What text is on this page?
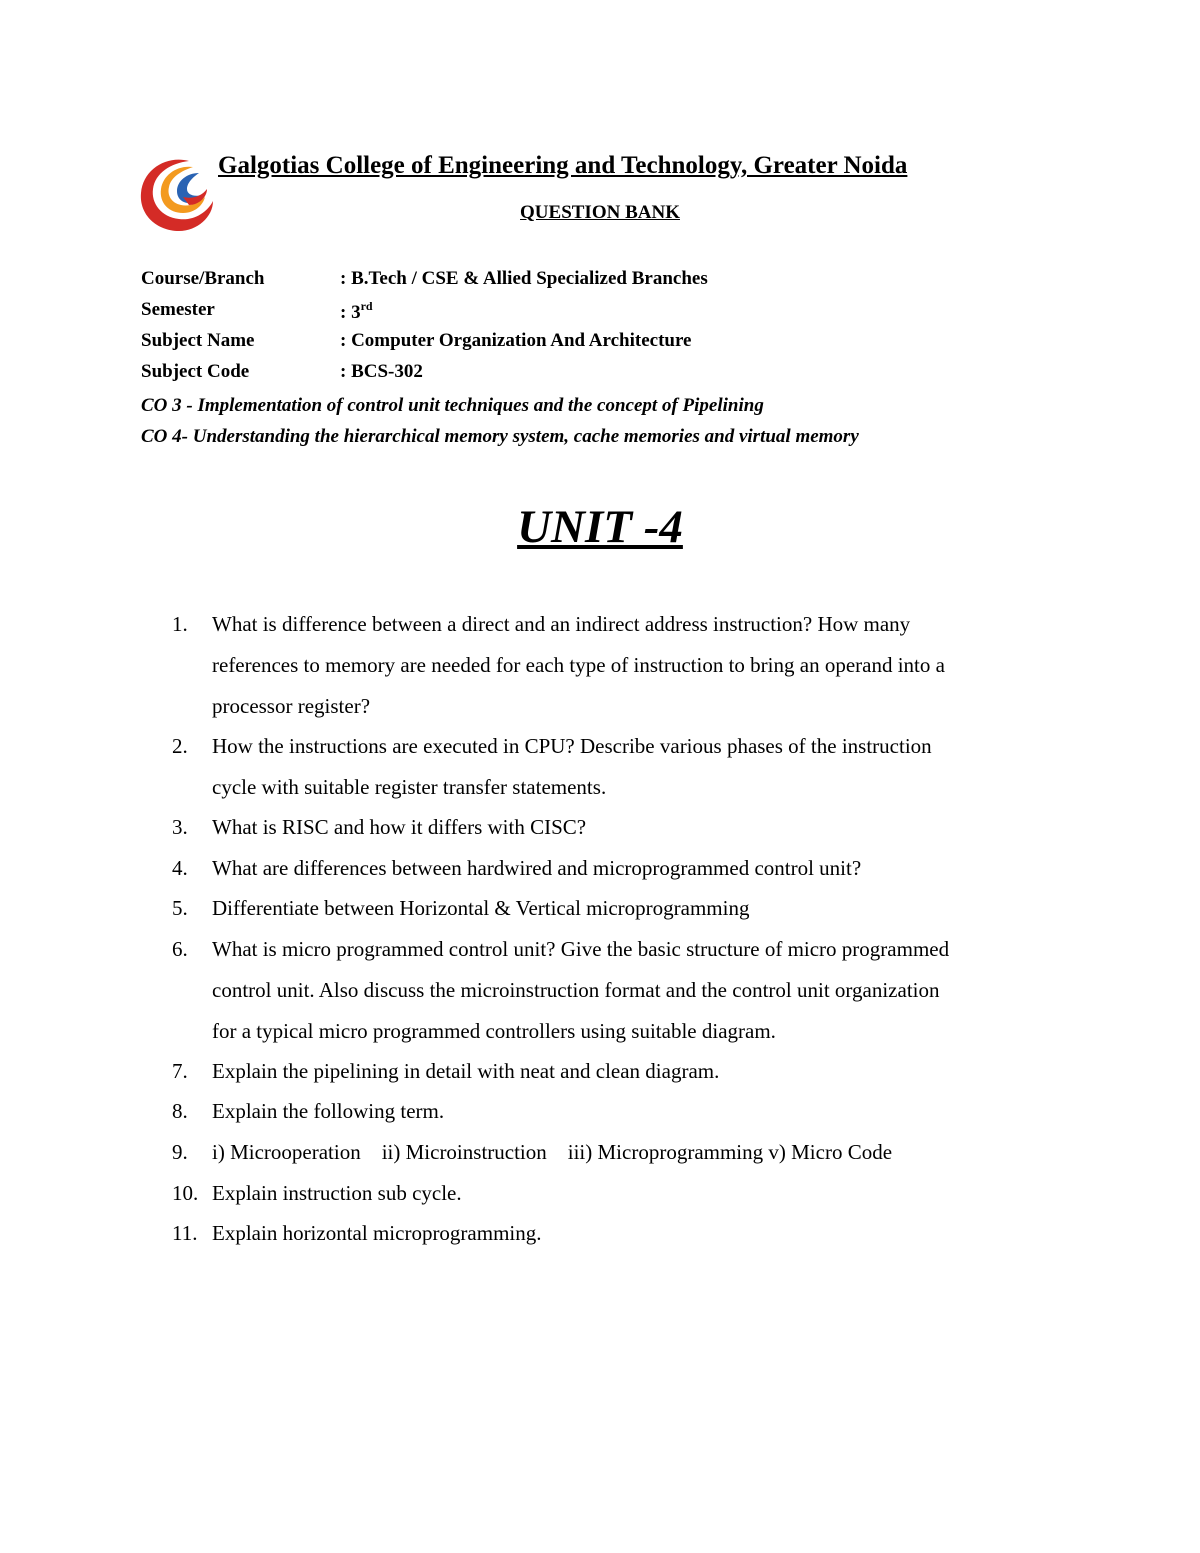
Galgotias College of Engineering and Technology, Greater Noida
QUESTION BANK
Course/Branch	: B.Tech / CSE & Allied Specialized Branches
Semester	: 3rd
Subject Name	: Computer Organization And Architecture
Subject Code	: BCS-302
CO 3 - Implementation of control unit techniques and the concept of Pipelining
CO 4- Understanding the hierarchical memory system, cache memories and virtual memory
UNIT -4
1. What is difference between a direct and an indirect address instruction? How many
references to memory are needed for each type of instruction to bring an operand into a
processor register?
2. How the instructions are executed in CPU? Describe various phases of the instruction
cycle with suitable register transfer statements.
3. What is RISC and how it differs with CISC?
4. What are differences between hardwired and microprogrammed control unit?
5. Differentiate between Horizontal & Vertical microprogramming
6. What is micro programmed control unit? Give the basic structure of micro programmed
control unit. Also discuss the microinstruction format and the control unit organization
for a typical micro programmed controllers using suitable diagram.
7. Explain the pipelining in detail with neat and clean diagram.
8. Explain the following term.
9. i) Microoperation    ii) Microinstruction    iii) Microprogramming v) Micro Code
10. Explain instruction sub cycle.
11. Explain horizontal microprogramming.
